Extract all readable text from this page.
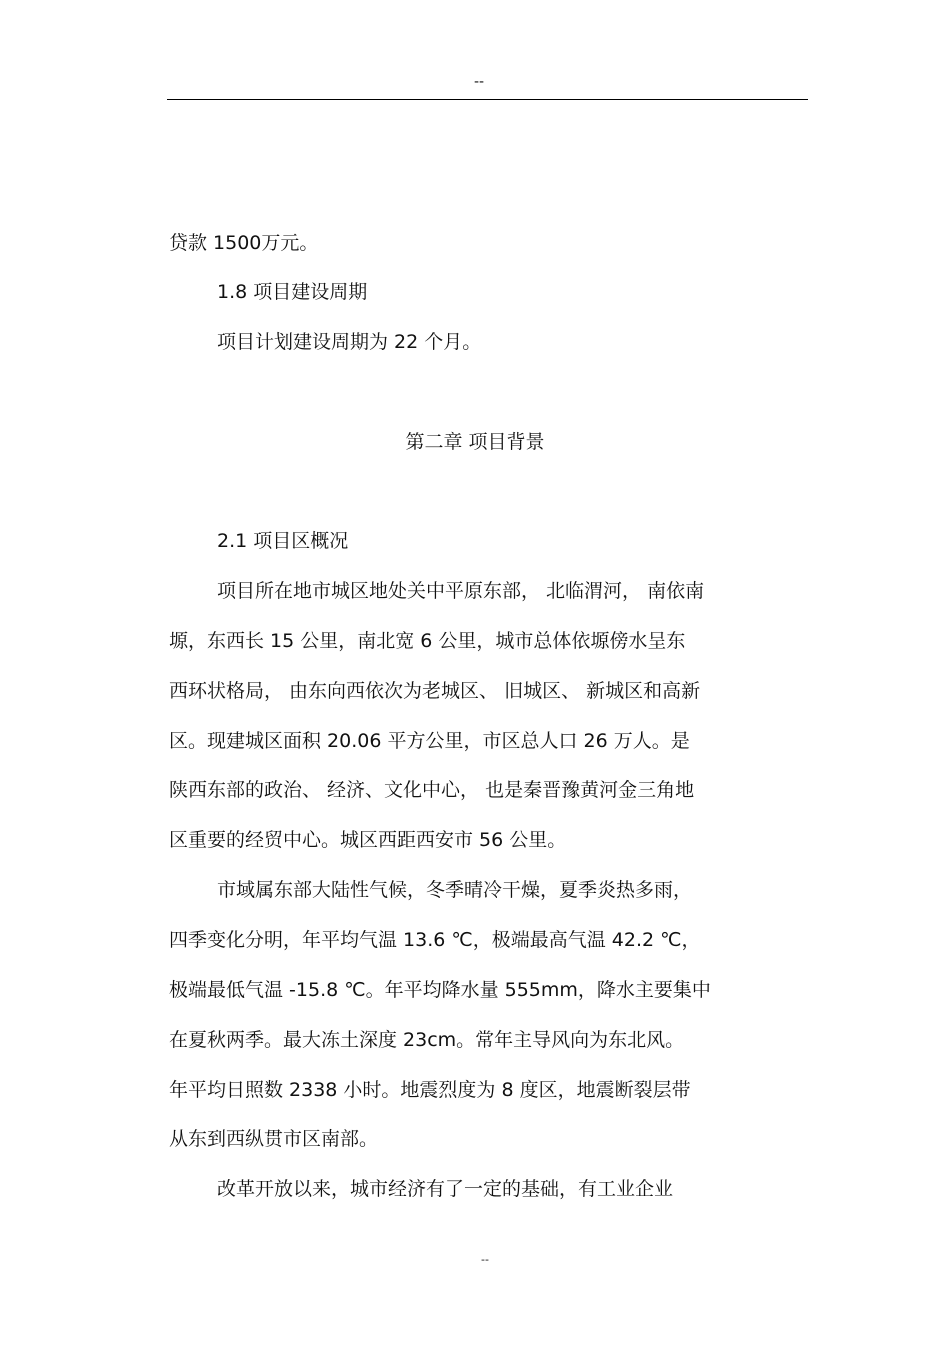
--
贷款 1500万元。
1.8 项目建设周期
项目计划建设周期为 22 个月。
第二章 项目背景
2.1 项目区概况
项目所在地市城区地处关中平原东部， 北临渭河， 南依南
塬，东西长 15 公里，南北宽 6 公里，城市总体依塬傍水呈东
西环状格局， 由东向西依次为老城区、 旧城区、 新城区和高新
区。现建城区面积 20.06 平方公里，市区总人口 26 万人。是
陕西东部的政治、 经济、文化中心， 也是秦晋豫黄河金三角地
区重要的经贸中心。城区西距西安市 56 公里。
市域属东部大陆性气候，冬季晴冷干燥，夏季炎热多雨，
四季变化分明，年平均气温 13.6 ℃，极端最高气温 42.2 ℃，
极端最低气温 -15.8 ℃。年平均降水量 555mm，降水主要集中
在夏秋两季。最大冻土深度 23cm。常年主导风向为东北风。
年平均日照数 2338 小时。地震烈度为 8 度区，地震断裂层带
从东到西纵贯市区南部。
改革开放以来，城市经济有了一定的基础，有工业企业
--
